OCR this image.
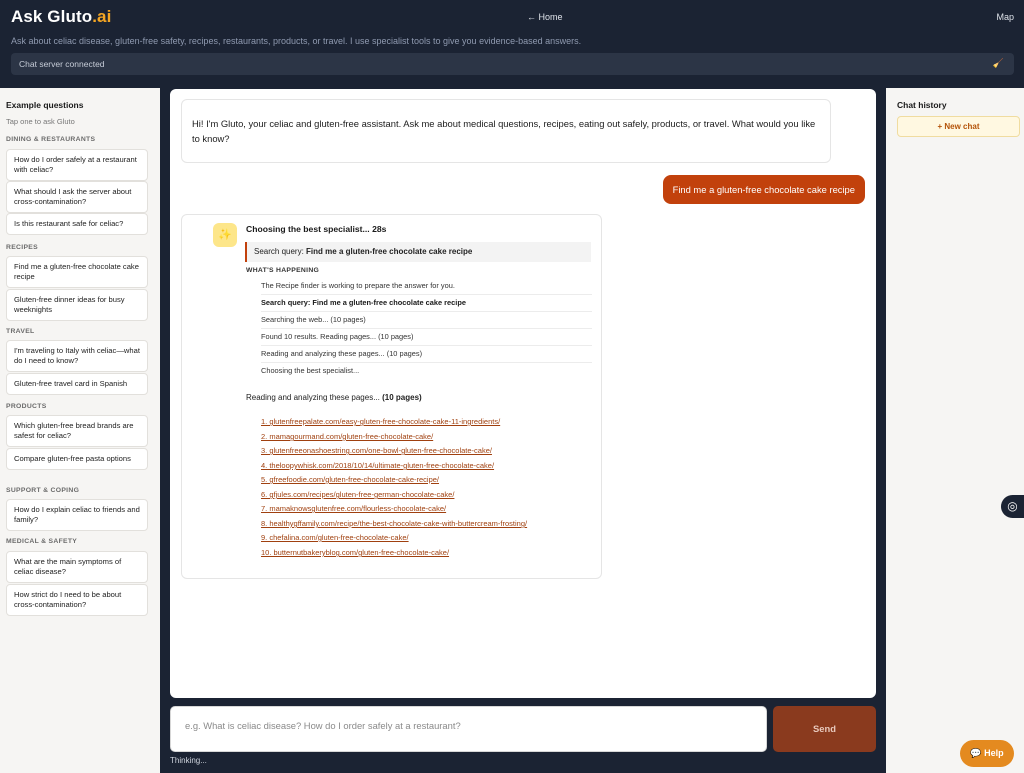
Ask Gluto.ai	← Home	Map
Ask about celiac disease, gluten-free safety, recipes, restaurants, products, or travel. I use specialist tools to give you evidence-based answers.
Chat server connected	🧹
Example questions
Tap one to ask Gluto
DINING & RESTAURANTS
How do I order safely at a restaurant with celiac?
What should I ask the server about cross-contamination?
Is this restaurant safe for celiac?
RECIPES
Find me a gluten-free chocolate cake recipe
Gluten-free dinner ideas for busy weeknights
TRAVEL
I'm traveling to Italy with celiac—what do I need to know?
Gluten-free travel card in Spanish
PRODUCTS
Which gluten-free bread brands are safest for celiac?
Compare gluten-free pasta options
SUPPORT & COPING
How do I explain celiac to friends and family?
MEDICAL & SAFETY
What are the main symptoms of celiac disease?
How strict do I need to be about cross-contamination?
Hi! I'm Gluto, your celiac and gluten-free assistant. Ask me about medical questions, recipes, eating out safely, products, or travel. What would you like to know?
Find me a gluten-free chocolate cake recipe
✨	Choosing the best specialist... 28s
Search query: Find me a gluten-free chocolate cake recipe
WHAT'S HAPPENING
The Recipe finder is working to prepare the answer for you.
Search query: Find me a gluten-free chocolate cake recipe
Searching the web... (10 pages)
Found 10 results. Reading pages... (10 pages)
Reading and analyzing these pages... (10 pages)
Choosing the best specialist...
Reading and analyzing these pages... (10 pages)
1. glutenfreepalate.com/easy-gluten-free-chocolate-cake-11-ingredients/
2. mamagourmand.com/gluten-free-chocolate-cake/
3. glutenfreeonashoestring.com/one-bowl-gluten-free-chocolate-cake/
4. theloopywhisk.com/2018/10/14/ultimate-gluten-free-chocolate-cake/
5. gfreefoodie.com/gluten-free-chocolate-cake-recipe/
6. gfjules.com/recipes/gluten-free-german-chocolate-cake/
7. mamaknowsglutenfree.com/flourless-chocolate-cake/
8. healthygffamily.com/recipe/the-best-chocolate-cake-with-buttercream-frosting/
9. chefalina.com/gluten-free-chocolate-cake/
10. butternutbakeryblog.com/gluten-free-chocolate-cake/
e.g. What is celiac disease? How do I order safely at a restaurant?	Send
Thinking...
Chat history
+ New chat
◎
💬 Help
